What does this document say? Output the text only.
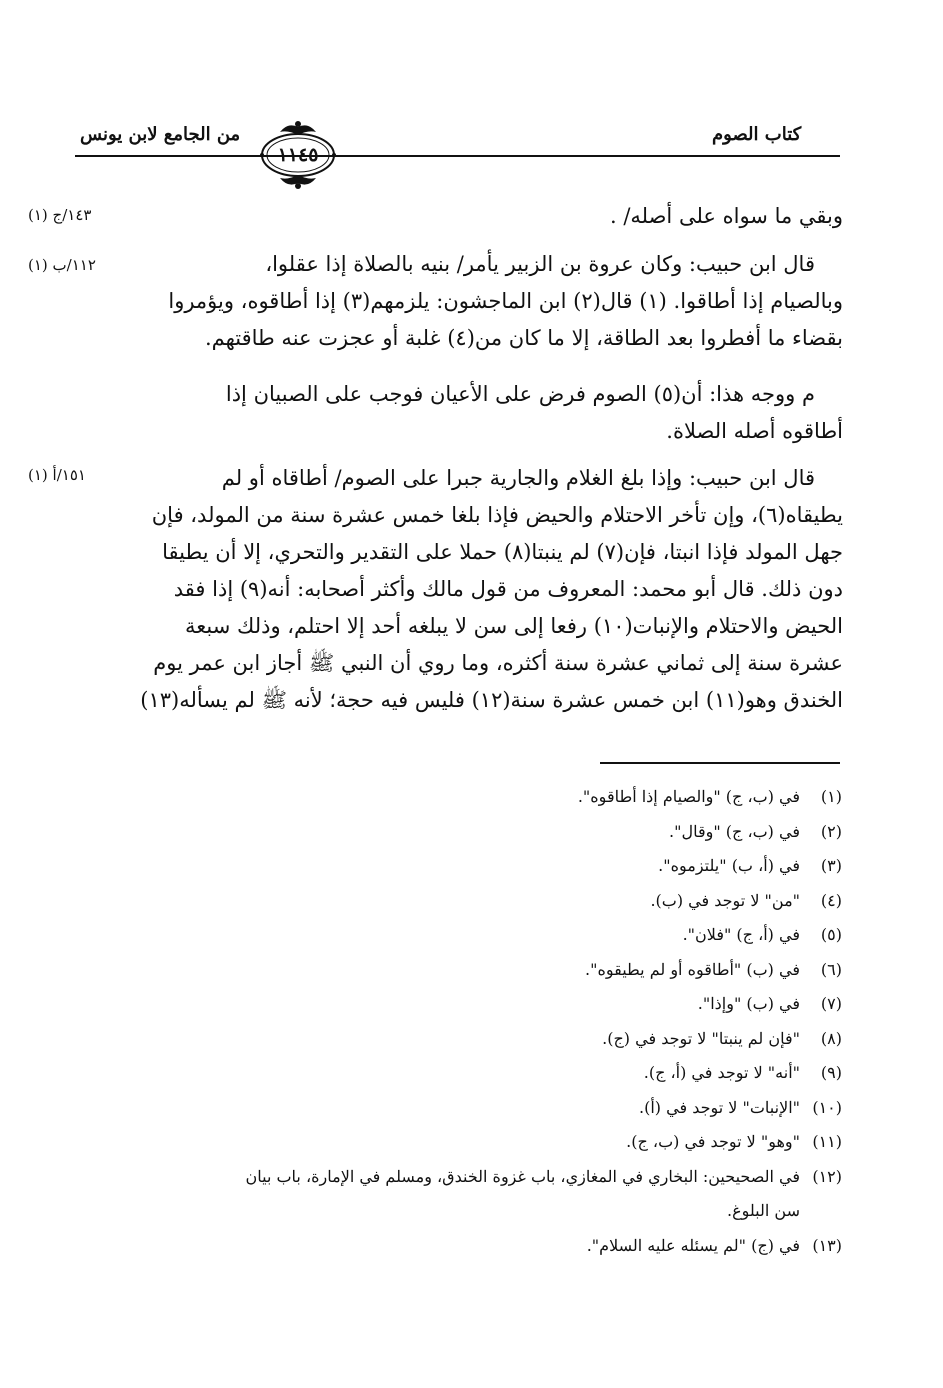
من الجامع لابن يونس
١١٤٥
كتاب الصوم
١٤٣/ج (١)
١١٢/ب (١)
١٥١/أ (١)
وبقي ما سواه على أصله/ .
قال ابن حبيب: وكان عروة بن الزبير يأمر/ بنيه بالصلاة إذا عقلوا،
وبالصيام إذا أطاقوا. (١) قال(٢) ابن الماجشون: يلزمهم(٣) إذا أطاقوه، ويؤمروا
بقضاء ما أفطروا بعد الطاقة، إلا ما كان من(٤) غلبة أو عجزت عنه طاقتهم.
م ووجه هذا: أن(٥) الصوم فرض على الأعيان فوجب على الصبيان إذا
أطاقوه أصله الصلاة.
قال ابن حبيب: وإذا بلغ الغلام والجارية جبرا على الصوم/ أطاقاه أو لم
يطيقاه(٦)، وإن تأخر الاحتلام والحيض فإذا بلغا خمس عشرة سنة من المولد، فإن
جهل المولد فإذا انبتا، فإن(٧) لم ينبتا(٨) حملا على التقدير والتحري، إلا أن يطيقا
دون ذلك. قال أبو محمد: المعروف من قول مالك وأكثر أصحابه: أنه(٩) إذا فقد
الحيض والاحتلام والإنبات(١٠) رفعا إلى سن لا يبلغه أحد إلا احتلم، وذلك سبعة
عشرة سنة إلى ثماني عشرة سنة أكثره، وما روي أن النبي ﷺ أجاز ابن عمر يوم
الخندق وهو(١١) ابن خمس عشرة سنة(١٢) فليس فيه حجة؛ لأنه ﷺ لم يسأله(١٣)
(١)في (ب، ج) "والصيام إذا أطاقوه".
(٢)في (ب، ج) "وقال".
(٣)في (أ، ب) "يلتزموه".
(٤)"من" لا توجد في (ب).
(٥)في (أ، ج) "فلان".
(٦)في (ب) "أطاقوه أو لم يطيقوه".
(٧)في (ب) "وإذا".
(٨)"فإن لم ينبتا" لا توجد في (ج).
(٩)"أنه" لا توجد في (أ، ج).
(١٠)"الإنبات" لا توجد في (أ).
(١١)"وهو" لا توجد في (ب، ج).
(١٢)في الصحيحين: البخاري في المغازي، باب غزوة الخندق، ومسلم في الإمارة، باب بيان
سن البلوغ.
(١٣)في (ج) "لم يسئله عليه السلام".
